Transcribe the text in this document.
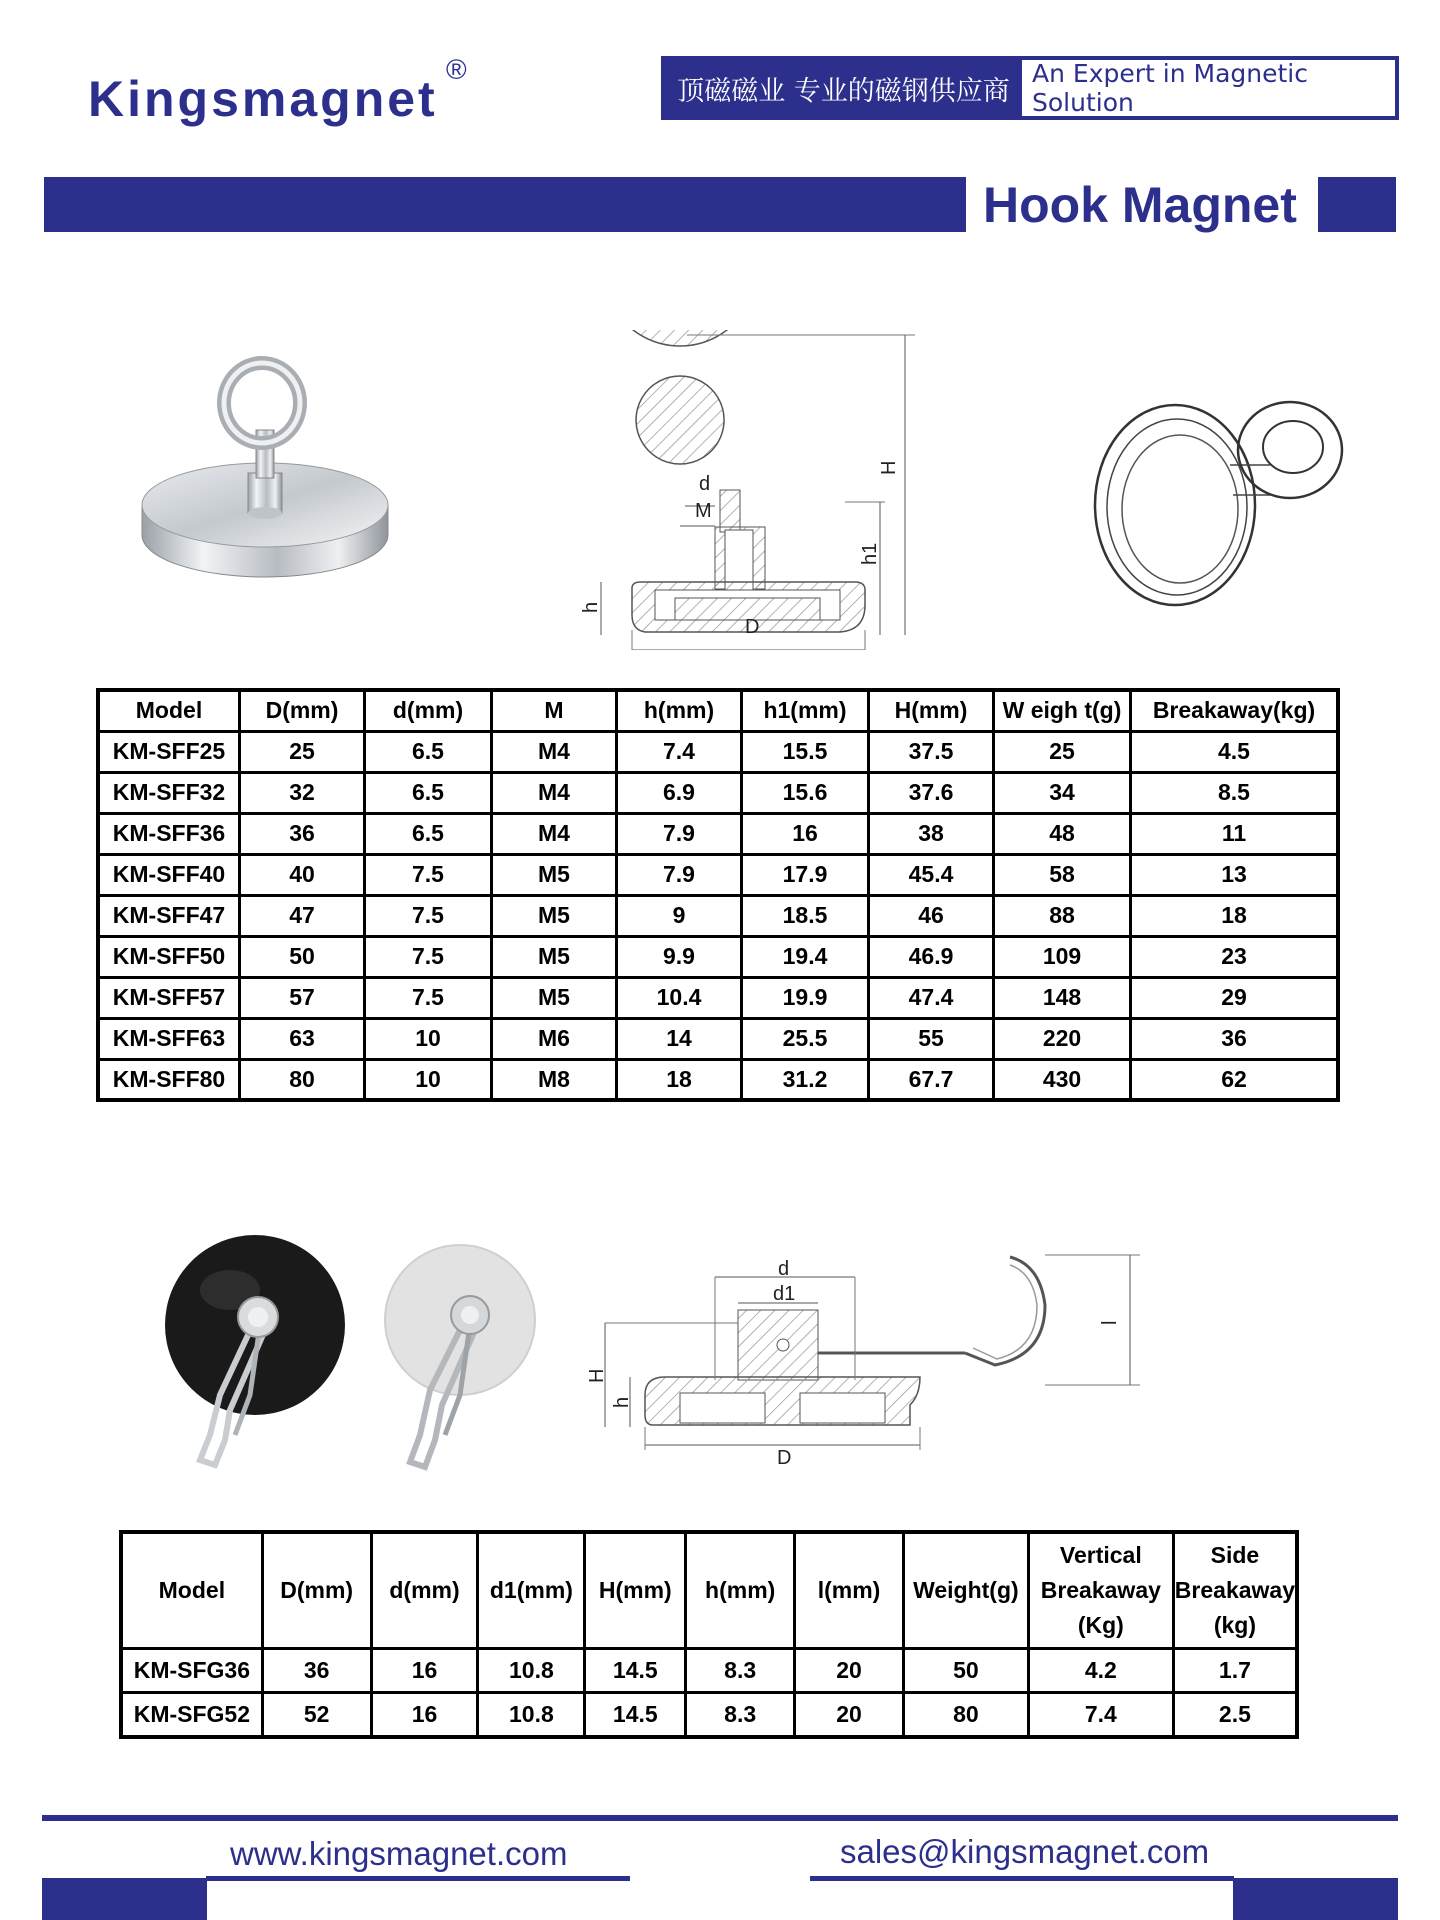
Kingsmagnet
®
顶磁磁业 专业的磁钢供应商
An Expert in Magnetic Solution
Hook Magnet
H
h1
h
d
M
D
Model	D(mm)	d(mm)	M	h(mm)	h1(mm)	H(mm)	W eigh t(g)	Breakaway(kg)
KM-SFF25	25	6.5	M4	7.4	15.5	37.5	25	4.5
KM-SFF32	32	6.5	M4	6.9	15.6	37.6	34	8.5
KM-SFF36	36	6.5	M4	7.9	16	38	48	11
KM-SFF40	40	7.5	M5	7.9	17.9	45.4	58	13
KM-SFF47	47	7.5	M5	9	18.5	46	88	18
KM-SFF50	50	7.5	M5	9.9	19.4	46.9	109	23
KM-SFF57	57	7.5	M5	10.4	19.9	47.4	148	29
KM-SFF63	63	10	M6	14	25.5	55	220	36
KM-SFF80	80	10	M8	18	31.2	67.7	430	62
d
d1
H
h
D
l
Model	D(mm)	d(mm)	d1(mm)	H(mm)	h(mm)	l(mm)	Weight(g)	Vertical Breakaway (Kg)	Side Breakaway (kg)
KM-SFG36	36	16	10.8	14.5	8.3	20	50	4.2	1.7
KM-SFG52	52	16	10.8	14.5	8.3	20	80	7.4	2.5
www.kingsmagnet.com	sales@kingsmagnet.com
